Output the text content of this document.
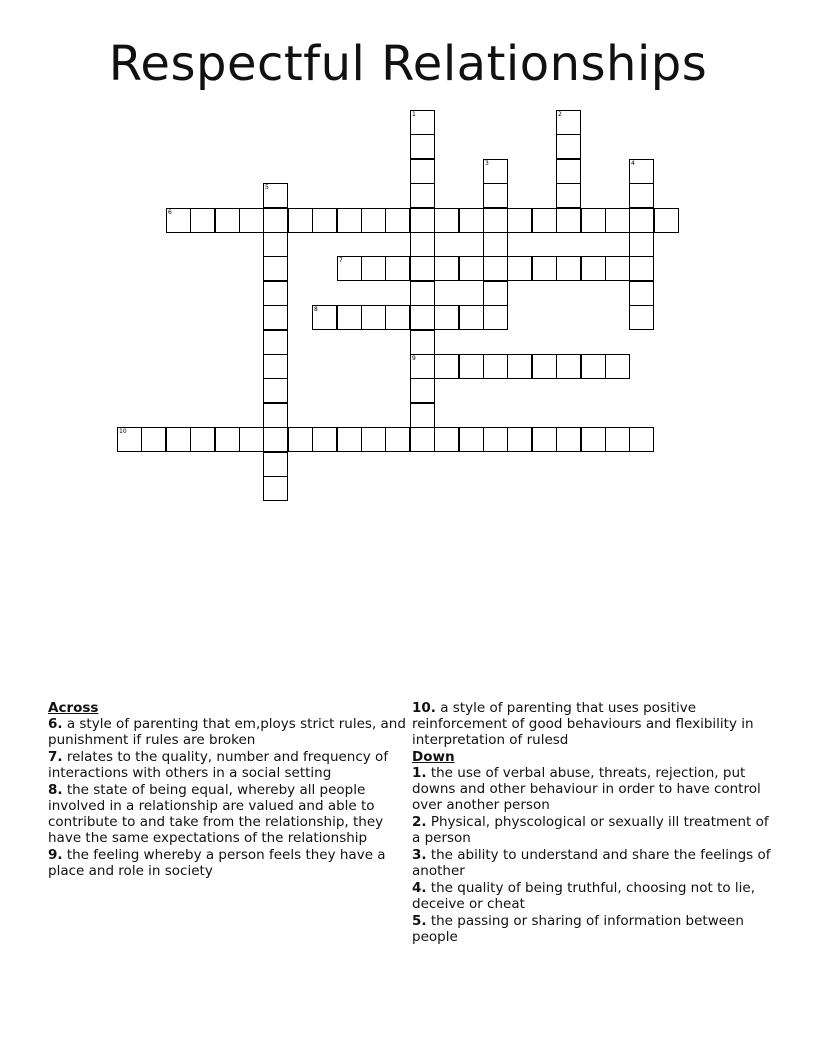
Respectful Relationships
1	2
3	4
5
6
7
8
9
10

Across

6. a style of parenting that em,ploys strict rules, and punishment if rules are broken

7. relates to the quality, number and frequency of interactions with others in a social setting

8. the state of being equal, whereby all people involved in a relationship are valued and able to contribute to and take from the relationship, they have the same expectations of the relationship

9. the feeling whereby a person feels they have a place and role in society

10. a style of parenting that uses positive reinforcement of good behaviours and flexibility in interpretation of rulesd

Down

1. the use of verbal abuse, threats, rejection, put downs and other behaviour in order to have control over another person

2. Physical, physcological or sexually ill treatment of a person

3. the ability to understand and share the feelings of another

4. the quality of being truthful, choosing not to lie, deceive or cheat

5. the passing or sharing of information between people
